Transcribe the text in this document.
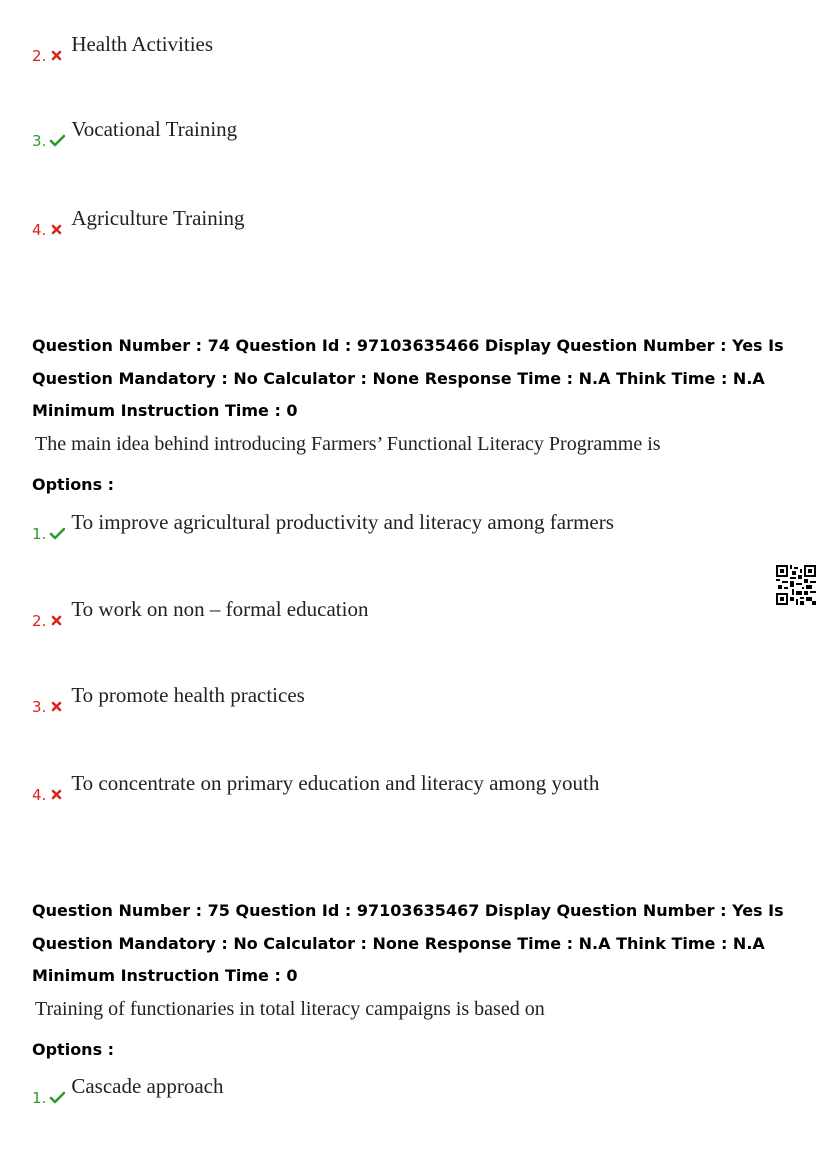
2. Health Activities
3. Vocational Training
4. Agriculture Training
Question Number : 74 Question Id : 97103635466 Display Question Number : Yes Is Question Mandatory : No Calculator : None Response Time : N.A Think Time : N.A Minimum Instruction Time : 0
The main idea behind introducing Farmers’ Functional Literacy Programme is
Options :
1. To improve agricultural productivity and literacy among farmers
2. To work on non – formal education
3. To promote health practices
4. To concentrate on primary education and literacy among youth
Question Number : 75 Question Id : 97103635467 Display Question Number : Yes Is Question Mandatory : No Calculator : None Response Time : N.A Think Time : N.A Minimum Instruction Time : 0
Training of functionaries in total literacy campaigns is based on
Options :
1. Cascade approach
